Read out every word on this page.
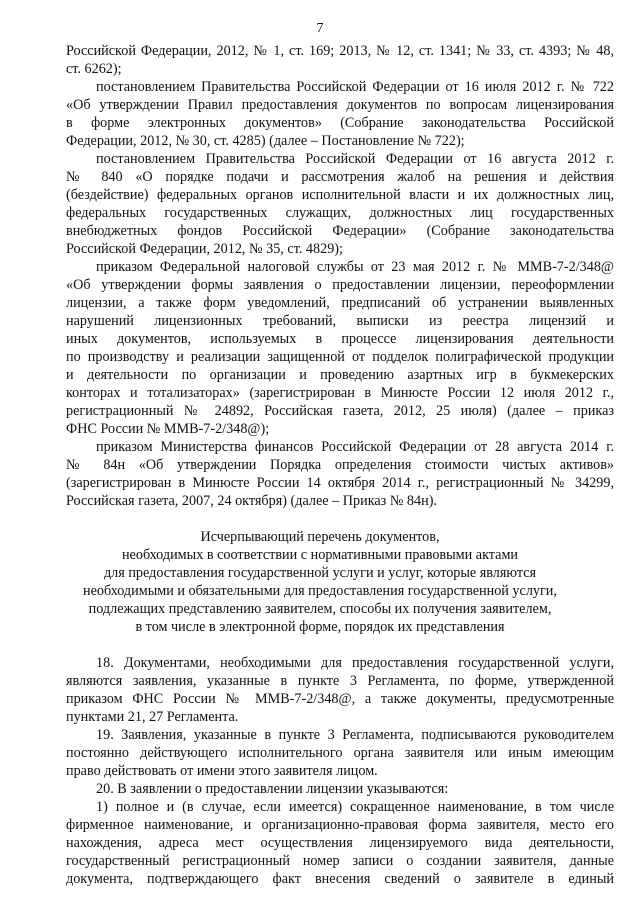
7
Российской Федерации, 2012, № 1, ст. 169; 2013, № 12, ст. 1341; № 33, ст. 4393; № 48,
ст. 6262);
постановлением Правительства Российской Федерации от 16 июля 2012 г. № 722
«Об утверждении Правил предоставления документов по вопросам лицензирования
в форме электронных документов» (Собрание законодательства Российской
Федерации, 2012, № 30, ст. 4285) (далее – Постановление № 722);
постановлением Правительства Российской Федерации от 16 августа 2012 г.
№ 840 «О порядке подачи и рассмотрения жалоб на решения и действия
(бездействие) федеральных органов исполнительной власти и их должностных лиц,
федеральных государственных служащих, должностных лиц государственных
внебюджетных фондов Российской Федерации» (Собрание законодательства
Российской Федерации, 2012, № 35, ст. 4829);
приказом Федеральной налоговой службы от 23 мая 2012 г. № ММВ-7-2/348@
«Об утверждении формы заявления о предоставлении лицензии, переоформлении
лицензии, а также форм уведомлений, предписаний об устранении выявленных
нарушений лицензионных требований, выписки из реестра лицензий и
иных документов, используемых в процессе лицензирования деятельности
по производству и реализации защищенной от подделок полиграфической продукции
и деятельности по организации и проведению азартных игр в букмекерских
конторах и тотализаторах» (зарегистрирован в Минюсте России 12 июля 2012 г.,
регистрационный № 24892, Российская газета, 2012, 25 июля) (далее – приказ
ФНС России № ММВ-7-2/348@);
приказом Министерства финансов Российской Федерации от 28 августа 2014 г.
№ 84н «Об утверждении Порядка определения стоимости чистых активов»
(зарегистрирован в Минюсте России 14 октября 2014 г., регистрационный № 34299,
Российская газета, 2007, 24 октября) (далее – Приказ № 84н).
Исчерпывающий перечень документов,
необходимых в соответствии с нормативными правовыми актами
для предоставления государственной услуги и услуг, которые являются
необходимыми и обязательными для предоставления государственной услуги,
подлежащих представлению заявителем, способы их получения заявителем,
в том числе в электронной форме, порядок их представления
18. Документами, необходимыми для предоставления государственной услуги,
являются заявления, указанные в пункте 3 Регламента, по форме, утвержденной
приказом ФНС России № ММВ-7-2/348@, а также документы, предусмотренные
пунктами 21, 27 Регламента.
19. Заявления, указанные в пункте 3 Регламента, подписываются руководителем
постоянно действующего исполнительного органа заявителя или иным имеющим
право действовать от имени этого заявителя лицом.
20. В заявлении о предоставлении лицензии указываются:
1) полное и (в случае, если имеется) сокращенное наименование, в том числе
фирменное наименование, и организационно-правовая форма заявителя, место его
нахождения, адреса мест осуществления лицензируемого вида деятельности,
государственный регистрационный номер записи о создании заявителя, данные
документа, подтверждающего факт внесения сведений о заявителе в единый
